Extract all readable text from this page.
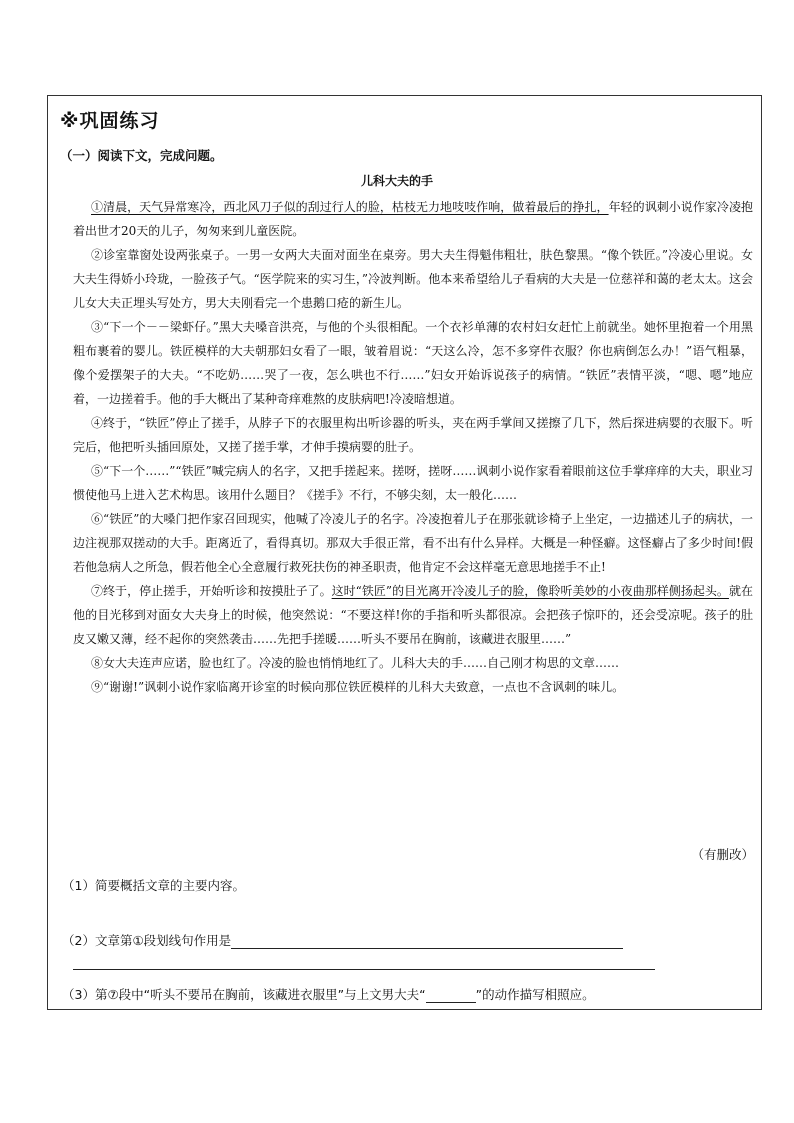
※巩固练习
（一）阅读下文，完成问题。
儿科大夫的手

①清晨，天气异常寒冷，西北风刀子似的刮过行人的脸，枯枝无力地吱吱作响，做着最后的挣扎，年轻的讽刺小说作家冷凌抱着出世才20天的儿子，匆匆来到儿童医院。

②诊室靠窗处设两张桌子。一男一女两大夫面对面坐在桌旁。男大夫生得魁伟粗壮，肤色黎黑。“像个铁匠。”冷凌心里说。女大夫生得娇小玲珑，一脸孩子气。“医学院来的实习生，”冷波判断。他本来希望给儿子看病的大夫是一位慈祥和蔼的老太太。这会儿女大夫正埋头写处方，男大夫刚看完一个患鹅口疮的新生儿。

③“下一个－－梁虾仔。”黑大夫嗓音洪亮，与他的个头很相配。一个衣衫单薄的农村妇女赶忙上前就坐。她怀里抱着一个用黑粗布裹着的婴儿。铁匠模样的大夫朝那妇女看了一眼，皱着眉说：“天这么冷，怎不多穿件衣服？你也病倒怎么办！”语气粗暴，像个爱摆架子的大夫。“不吃奶……哭了一夜，怎么哄也不行……”妇女开始诉说孩子的病情。“铁匠”表情平淡，“嗯、嗯”地应着，一边搓着手。他的手大概出了某种奇痒难熬的皮肤病吧!冷凌暗想道。

④终于，“铁匠”停止了搓手，从脖子下的衣服里构出听诊器的听头，夹在两手掌间又搓擦了几下，然后探进病婴的衣服下。听完后，他把听头插回原处，又搓了搓手掌，才伸手摸病婴的肚子。

⑤“下一个……”“铁匠”喊完病人的名字，又把手搓起来。搓呀，搓呀……讽刺小说作家看着眼前这位手掌痒痒的大夫，职业习惯使他马上进入艺术构思。该用什么题目？《搓手》不行，不够尖刻，太一般化……

⑥“铁匠”的大嗓门把作家召回现实，他喊了冷凌儿子的名字。冷凌抱着儿子在那张就诊椅子上坐定，一边描述儿子的病状，一边注视那双搓动的大手。距离近了，看得真切。那双大手很正常，看不出有什么异样。大概是一种怪癖。这怪癖占了多少时间!假若他急病人之所急，假若他全心全意履行救死扶伤的神圣职责，他肯定不会这样毫无意思地搓手不止!

⑦终于，停止搓手，开始听诊和按摸肚子了。这时“铁匠”的目光离开冷凌儿子的脸，像聆听美妙的小夜曲那样侧扬起头。就在他的目光移到对面女大夫身上的时候，他突然说：“不要这样!你的手指和听头都很凉。会把孩子惊吓的，还会受凉呢。孩子的肚皮又嫩又薄，经不起你的突然袭击……先把手搓暖……听头不要吊在胸前，该藏进衣服里……”

⑧女大夫连声应诺，脸也红了。冷凌的脸也悄悄地红了。儿科大夫的手……自己刚才构思的文章……

⑨“谢谢!”讽刺小说作家临离开诊室的时候向那位铁匠模样的儿科大夫致意，一点也不含讽刺的味儿。

（有删改）
（1）简要概括文章的主要内容。
（2）文章第①段划线句作用是
（3）第⑦段中“听头不要吊在胸前，该藏进衣服里”与上文男大夫“	”的动作描写相照应。
